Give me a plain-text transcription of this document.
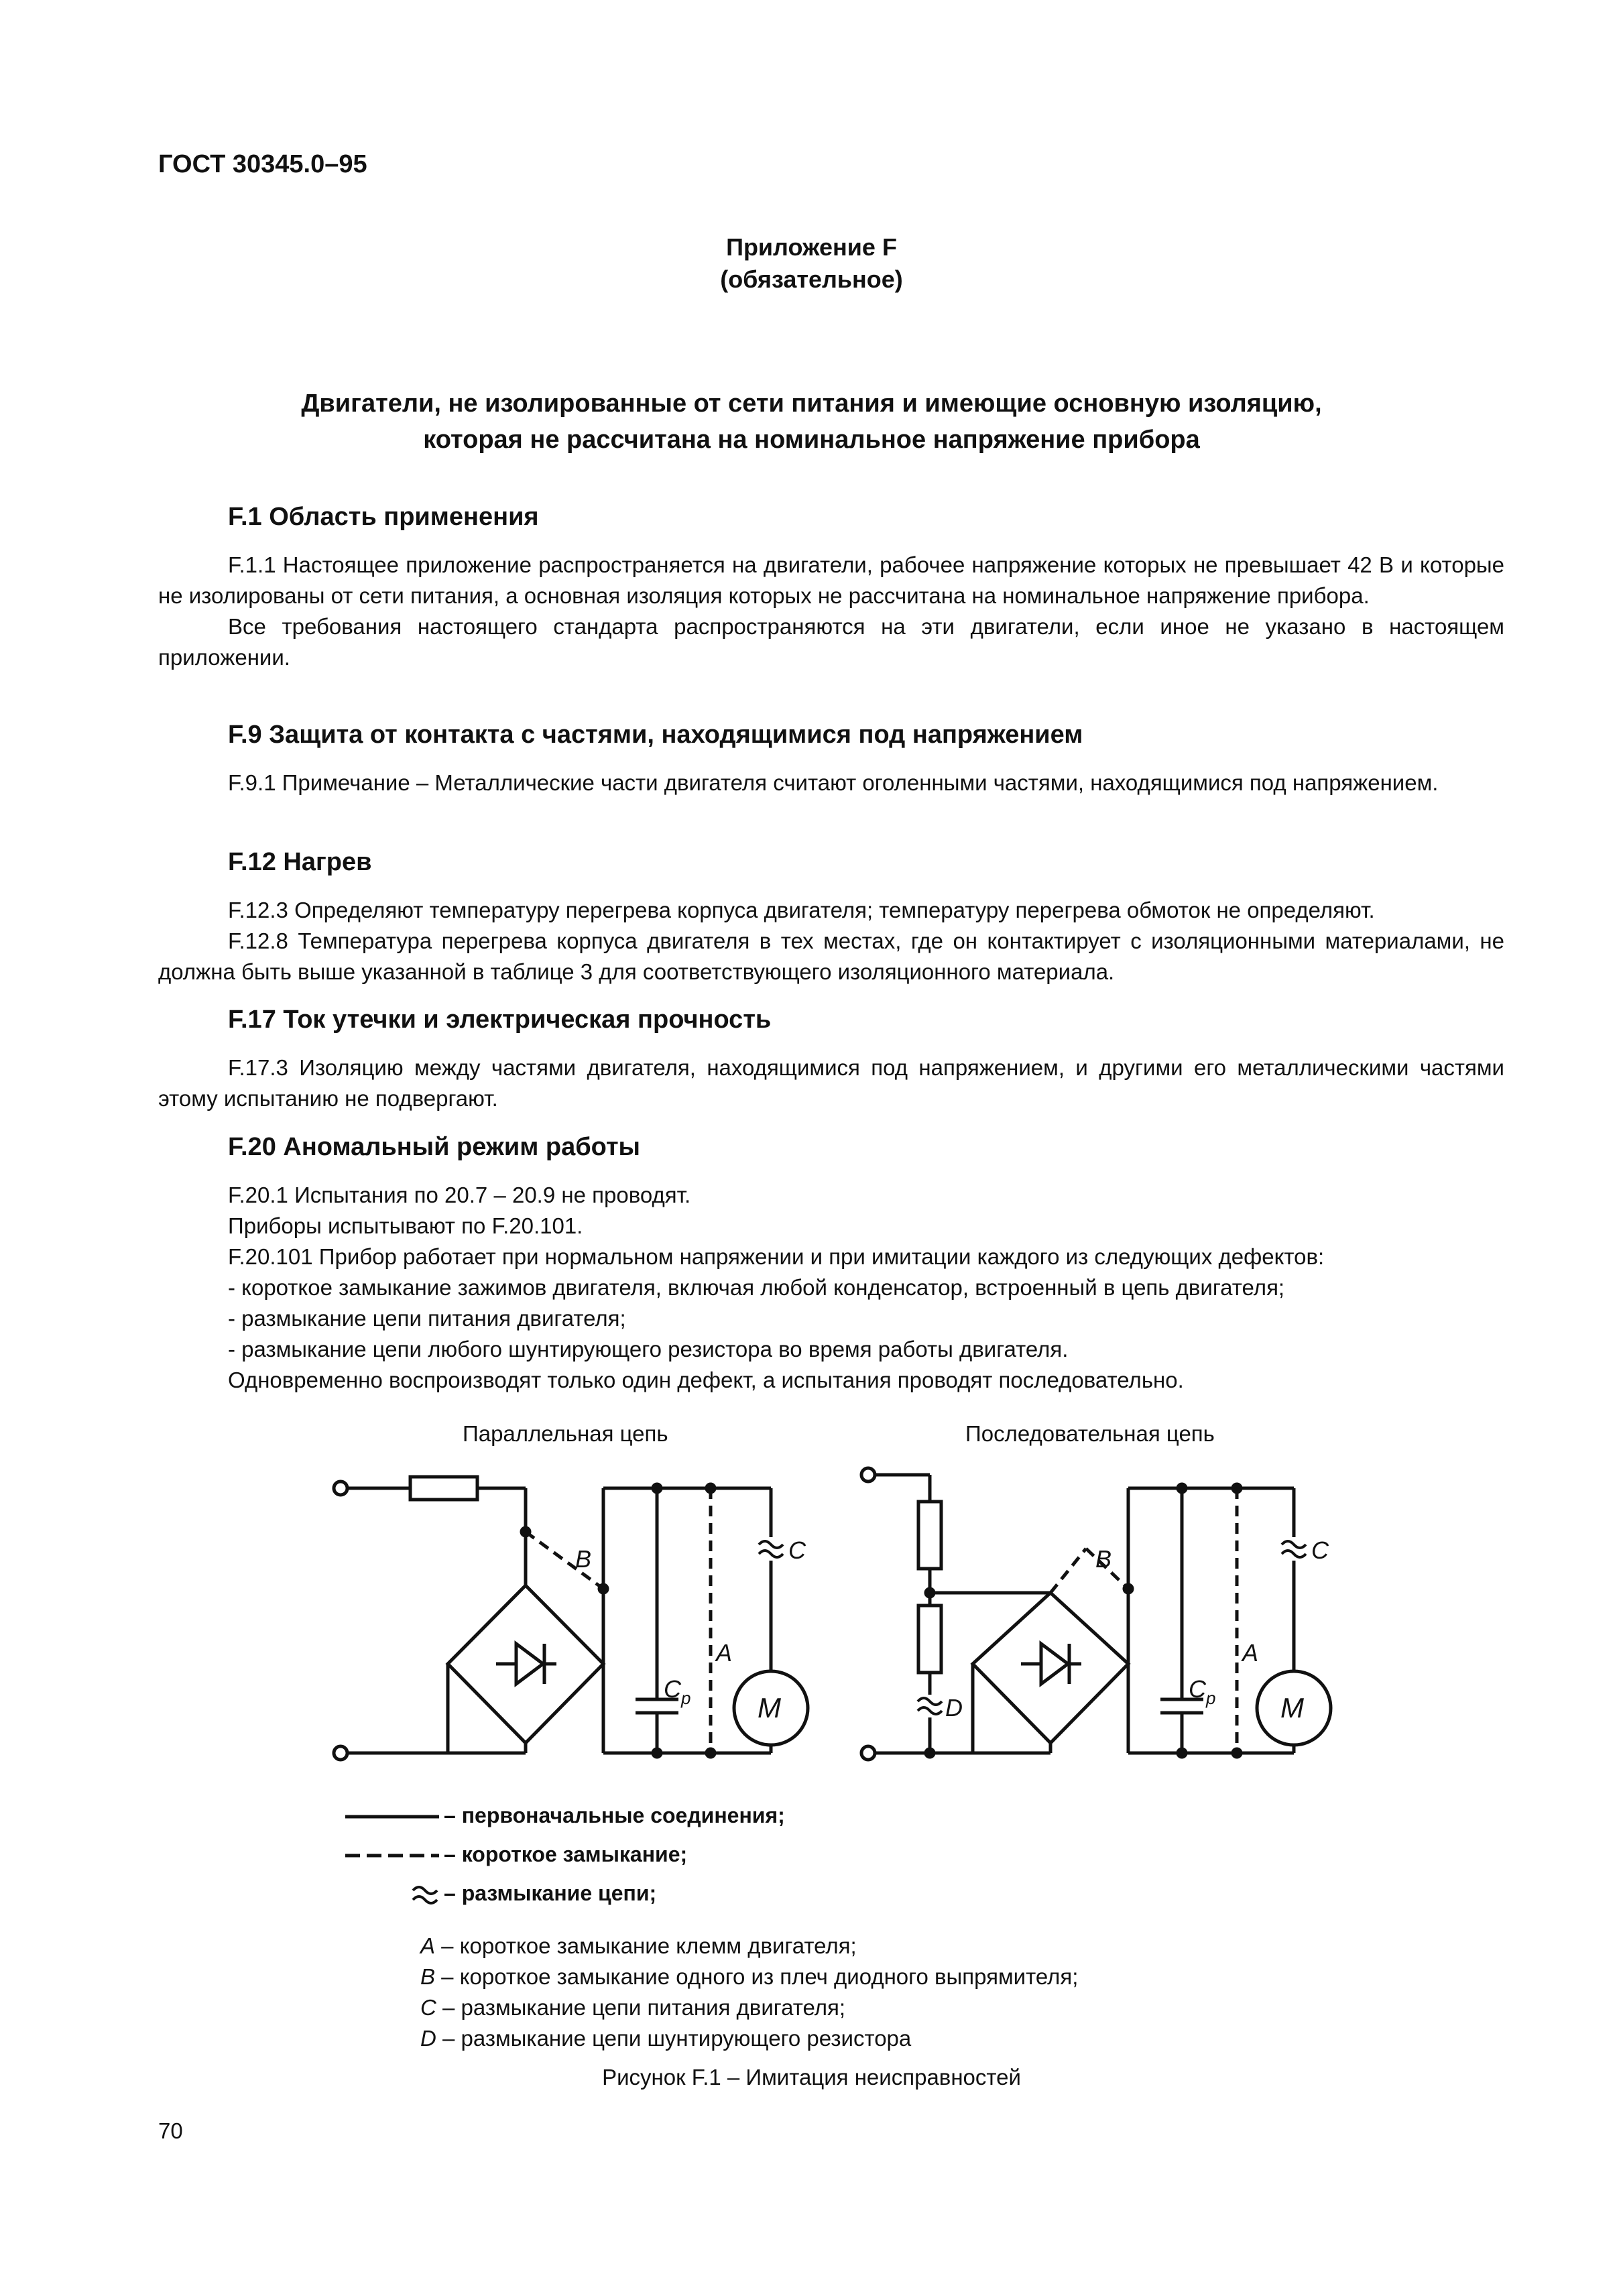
ГОСТ 30345.0–95
Приложение F
(обязательное)
Двигатели, не изолированные от сети питания и имеющие основную изоляцию,
которая не рассчитана на номинальное напряжение прибора
F.1 Область применения

F.1.1 Настоящее приложение распространяется на двигатели, рабочее напряжение которых не превышает 42 В и которые не изолированы от сети питания, а основная изоляция которых не рассчитана на номинальное напряжение прибора.

Все требования настоящего стандарта распространяются на эти двигатели, если иное не указано в настоящем приложении.

F.9 Защита от контакта с частями, находящимися под напряжением

F.9.1 Примечание – Металлические части двигателя считают оголенными частями, находящимися под напряжением.

F.12 Нагрев

F.12.3 Определяют температуру перегрева корпуса двигателя; температуру перегрева обмоток не определяют.

F.12.8 Температура перегрева корпуса двигателя в тех местах, где он контактирует с изоляционными материалами, не должна быть выше указанной в таблице 3 для соответствующего изоляционного материала.

F.17 Ток утечки и электрическая прочность

F.17.3 Изоляцию между частями двигателя, находящимися под напряжением, и другими его металлическими частями этому испытанию не подвергают.

F.20 Аномальный режим работы

F.20.1 Испытания по 20.7 – 20.9 не проводят.

Приборы испытывают по F.20.101.

F.20.101 Прибор работает при нормальном напряжении и при имитации каждого из следующих дефектов:

- короткое замыкание зажимов двигателя, включая любой конденсатор, встроенный в цепь двигателя;

- размыкание цепи питания двигателя;

- размыкание цепи любого шунтирующего резистора во время работы двигателя.

Одновременно воспроизводят только один дефект, а испытания проводят последовательно.

Параллельная цепь	Последовательная цепь
B	C
A
$C_p$ M
B	C
A
D
$C_p$ M
– первоначальные соединения;
– короткое замыкание;
– размыкание цепи;
A – короткое замыкание клемм двигателя;
B – короткое замыкание одного из плеч диодного выпрямителя;
C – размыкание цепи питания двигателя;
D – размыкание цепи шунтирующего резистора
Рисунок F.1 – Имитация неисправностей
70
